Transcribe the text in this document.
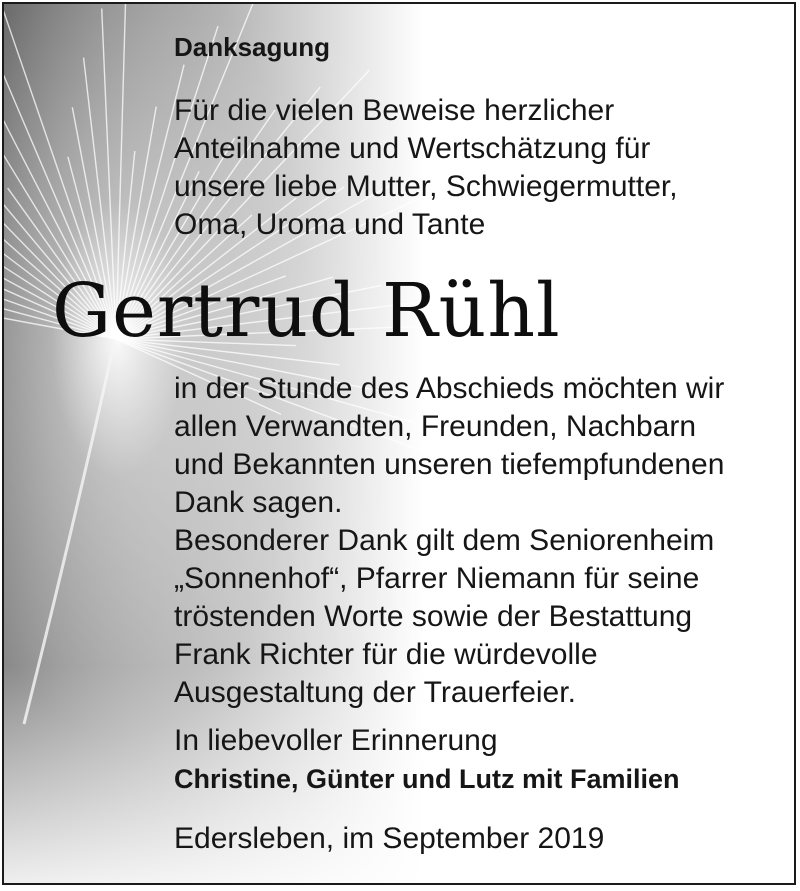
Danksagung
Für die vielen Beweise herzlicher
Anteilnahme und Wertschätzung für
unsere liebe Mutter, Schwiegermutter,
Oma, Uroma und Tante
Gertrud Rühl
in der Stunde des Abschieds möchten wir
allen Verwandten, Freunden, Nachbarn
und Bekannten unseren tiefempfundenen
Dank sagen.
Besonderer Dank gilt dem Seniorenheim
„Sonnenhof“, Pfarrer Niemann für seine
tröstenden Worte sowie der Bestattung
Frank Richter für die würdevolle
Ausgestaltung der Trauerfeier.
In liebevoller Erinnerung
Christine, Günter und Lutz mit Familien
Edersleben, im September 2019
